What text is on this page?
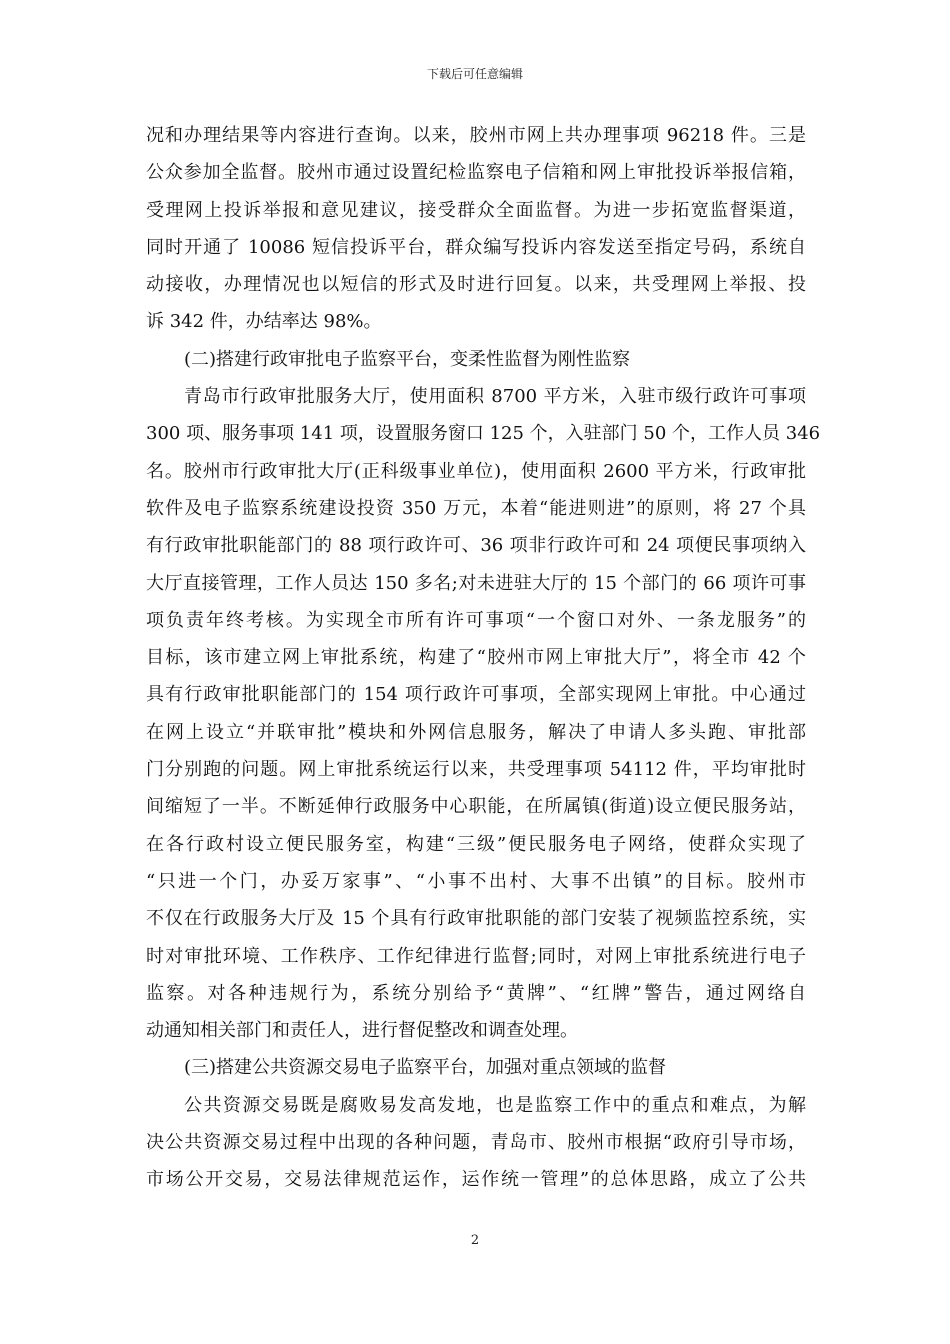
下载后可任意编辑
况和办理结果等内容进行查询。以来，胶州市网上共办理事项 96218 件。三是
公众参加全监督。胶州市通过设置纪检监察电子信箱和网上审批投诉举报信箱，
受理网上投诉举报和意见建议，接受群众全面监督。为进一步拓宽监督渠道，
同时开通了 10086 短信投诉平台，群众编写投诉内容发送至指定号码，系统自
动接收，办理情况也以短信的形式及时进行回复。以来，共受理网上举报、投
诉 342 件，办结率达 98%。
(二)搭建行政审批电子监察平台，变柔性监督为刚性监察
青岛市行政审批服务大厅，使用面积 8700 平方米，入驻市级行政许可事项
300 项、服务事项 141 项，设置服务窗口 125 个，入驻部门 50 个，工作人员 346
名。胶州市行政审批大厅(正科级事业单位)，使用面积 2600 平方米，行政审批
软件及电子监察系统建设投资 350 万元，本着“能进则进”的原则，将 27 个具
有行政审批职能部门的 88 项行政许可、36 项非行政许可和 24 项便民事项纳入
大厅直接管理，工作人员达 150 多名;对未进驻大厅的 15 个部门的 66 项许可事
项负责年终考核。为实现全市所有许可事项“一个窗口对外、一条龙服务”的
目标，该市建立网上审批系统，构建了“胶州市网上审批大厅”，将全市 42 个
具有行政审批职能部门的 154 项行政许可事项，全部实现网上审批。中心通过
在网上设立“并联审批”模块和外网信息服务，解决了申请人多头跑、审批部
门分别跑的问题。网上审批系统运行以来，共受理事项 54112 件，平均审批时
间缩短了一半。不断延伸行政服务中心职能，在所属镇(街道)设立便民服务站，
在各行政村设立便民服务室，构建“三级”便民服务电子网络，使群众实现了
“只进一个门，办妥万家事”、“小事不出村、大事不出镇”的目标。胶州市
不仅在行政服务大厅及 15 个具有行政审批职能的部门安装了视频监控系统，实
时对审批环境、工作秩序、工作纪律进行监督;同时，对网上审批系统进行电子
监察。对各种违规行为，系统分别给予“黄牌”、“红牌”警告，通过网络自
动通知相关部门和责任人，进行督促整改和调查处理。
(三)搭建公共资源交易电子监察平台，加强对重点领域的监督
公共资源交易既是腐败易发高发地，也是监察工作中的重点和难点，为解
决公共资源交易过程中出现的各种问题，青岛市、胶州市根据“政府引导市场，
市场公开交易，交易法律规范运作，运作统一管理”的总体思路，成立了公共
2
